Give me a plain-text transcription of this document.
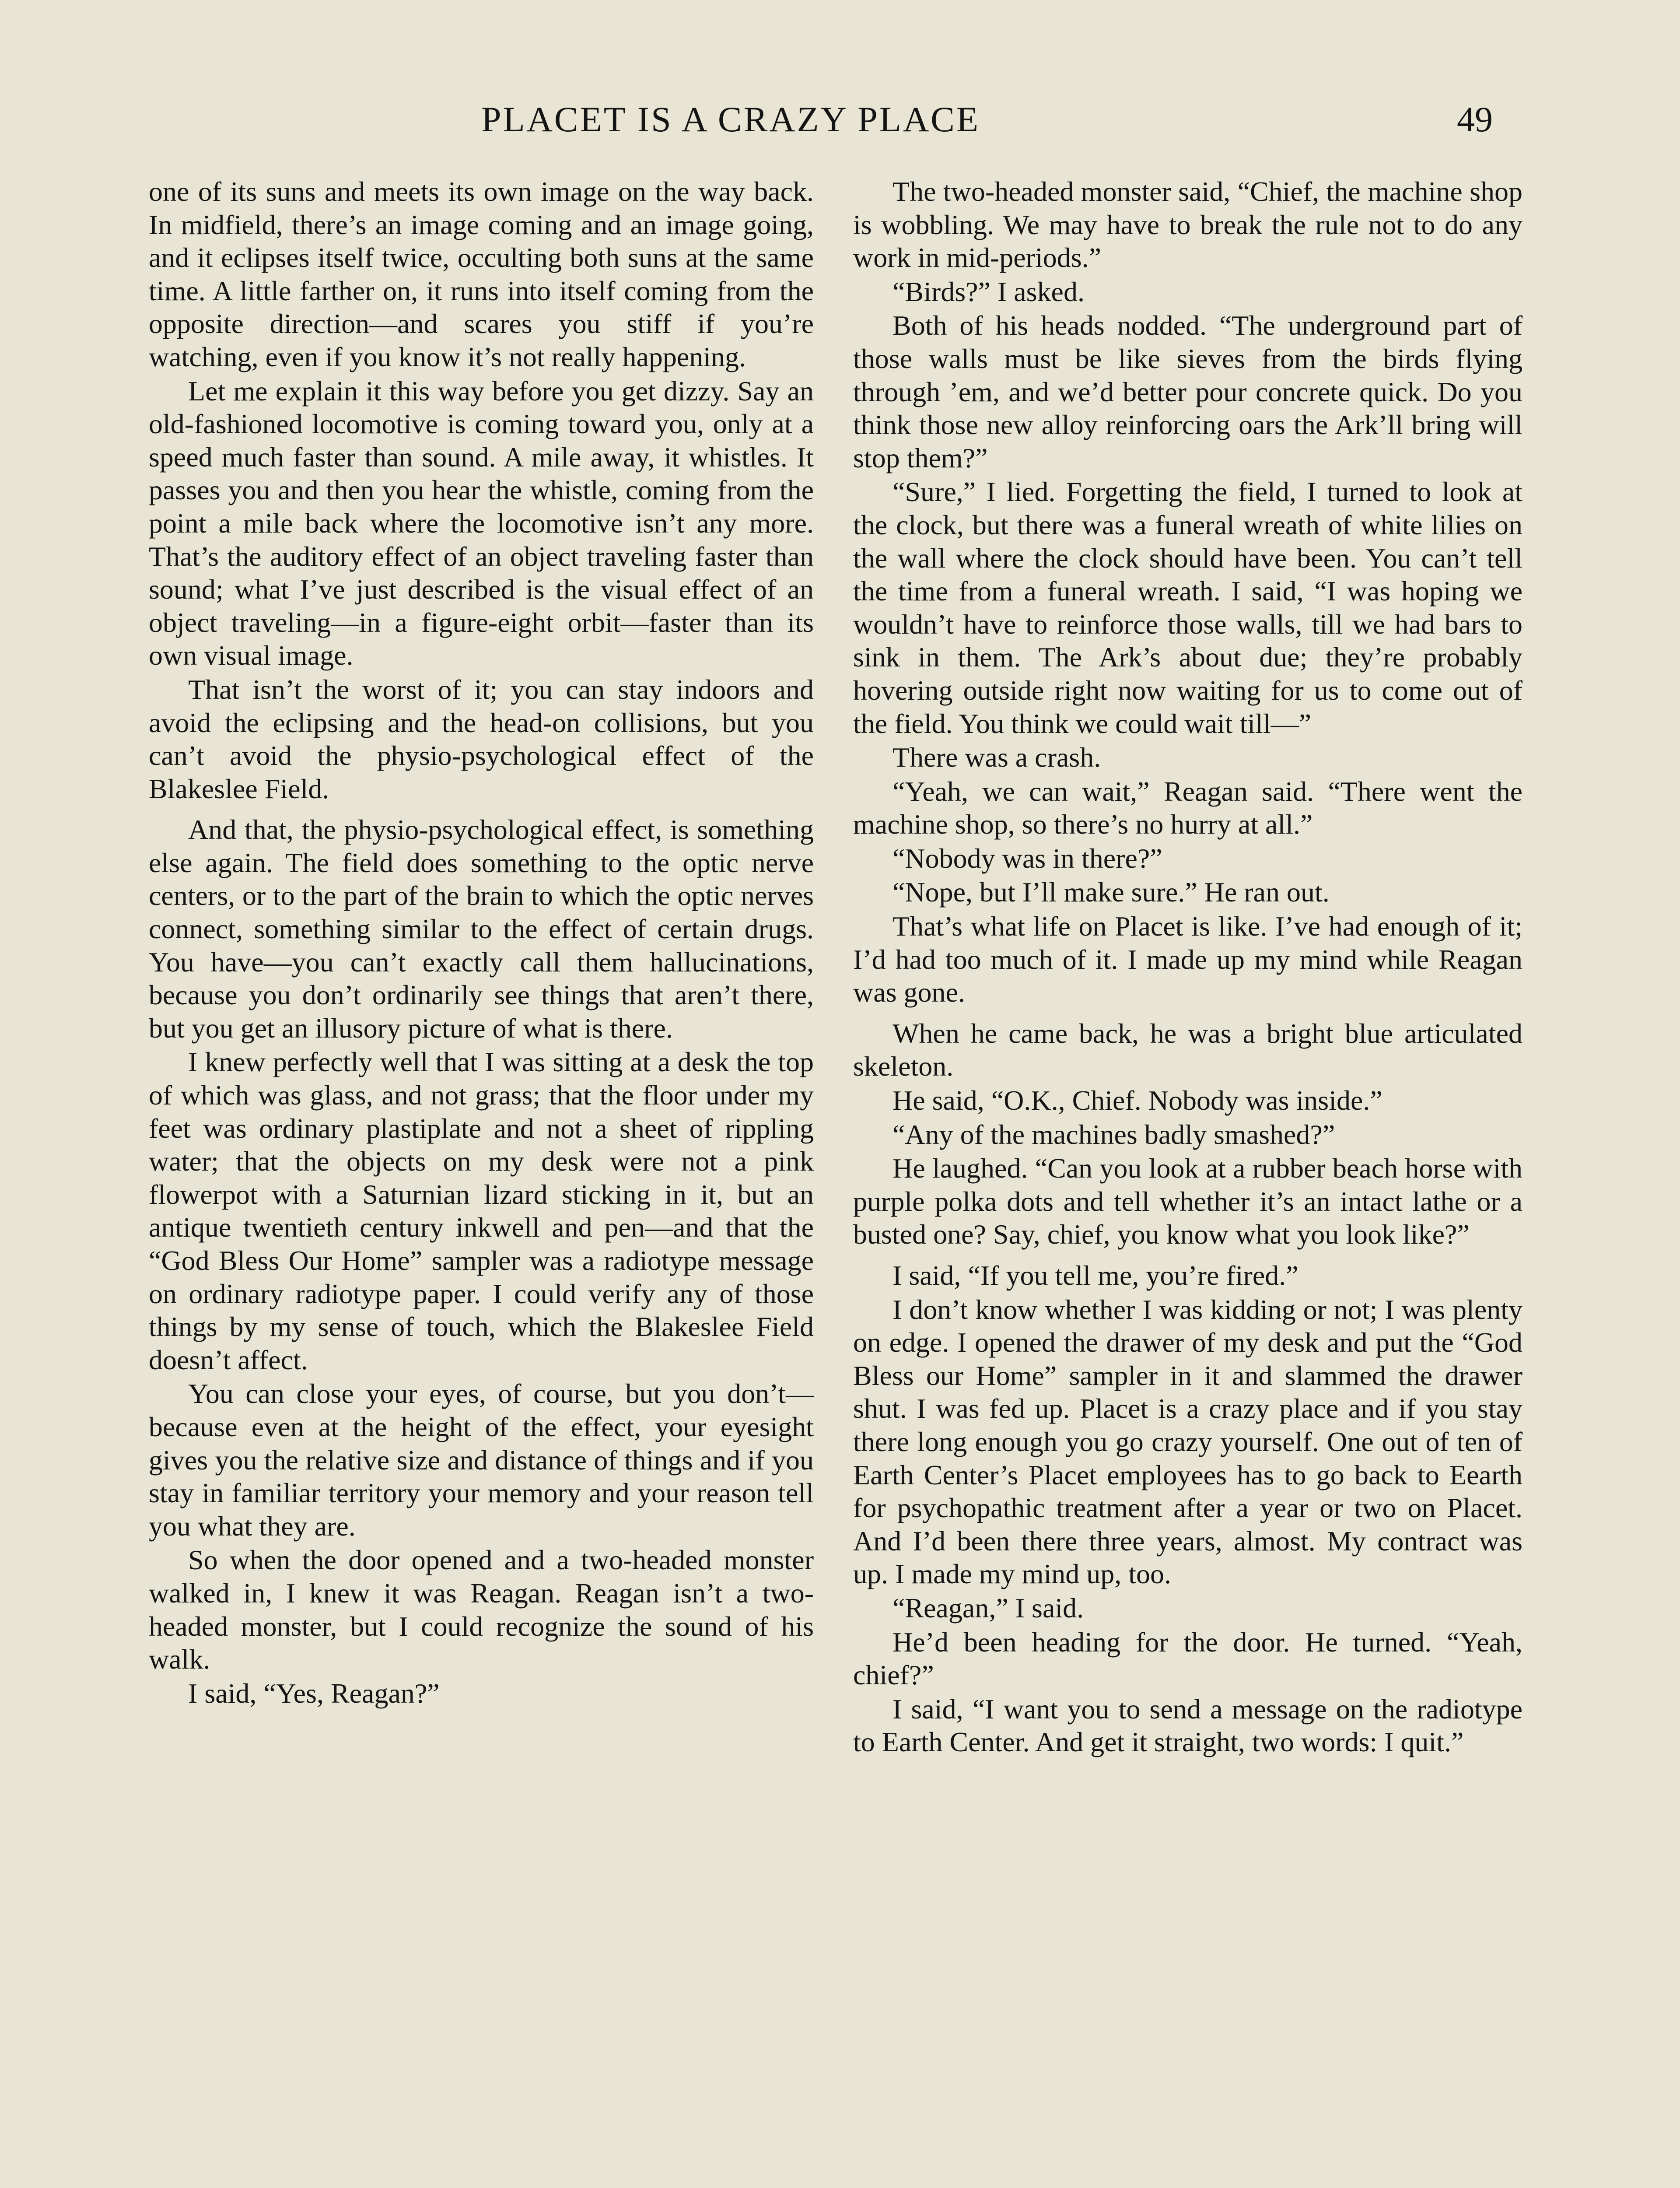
PLACET IS A CRAZY PLACE	49

one of its suns and meets its own image on the way back. In midfield, there’s an image coming and an image going, and it eclipses itself twice, occulting both suns at the same time. A little farther on, it runs into itself coming from the opposite direction—and scares you stiff if you’re watching, even if you know it’s not really happening.

Let me explain it this way before you get dizzy. Say an old-fashioned locomotive is coming toward you, only at a speed much faster than sound. A mile away, it whistles. It passes you and then you hear the whistle, coming from the point a mile back where the locomotive isn’t any more. That’s the auditory effect of an object traveling faster than sound; what I’ve just described is the visual effect of an object traveling—in a figure-eight orbit—faster than its own visual image.

That isn’t the worst of it; you can stay indoors and avoid the eclipsing and the head-on collisions, but you can’t avoid the physio-psychological effect of the Blakeslee Field.

And that, the physio-psychological effect, is something else again. The field does something to the optic nerve centers, or to the part of the brain to which the optic nerves connect, something similar to the effect of certain drugs. You have—you can’t exactly call them hallucinations, because you don’t ordinarily see things that aren’t there, but you get an illusory picture of what is there.

I knew perfectly well that I was sitting at a desk the top of which was glass, and not grass; that the floor under my feet was ordinary plastiplate and not a sheet of rippling water; that the objects on my desk were not a pink flowerpot with a Saturnian lizard sticking in it, but an antique twentieth century inkwell and pen—and that the “God Bless Our Home” sampler was a radiotype message on ordinary radiotype paper. I could verify any of those things by my sense of touch, which the Blakeslee Field doesn’t affect.

You can close your eyes, of course, but you don’t—because even at the height of the effect, your eyesight gives you the relative size and distance of things and if you stay in familiar territory your memory and your reason tell you what they are.

So when the door opened and a two-headed monster walked in, I knew it was Reagan. Reagan isn’t a two-headed monster, but I could recognize the sound of his walk.

I said, “Yes, Reagan?”

The two-headed monster said, “Chief, the machine shop is wobbling. We may have to break the rule not to do any work in mid-periods.”

“Birds?” I asked.

Both of his heads nodded. “The underground part of those walls must be like sieves from the birds flying through ’em, and we’d better pour concrete quick. Do you think those new alloy reinforcing oars the Ark’ll bring will stop them?”

“Sure,” I lied. Forgetting the field, I turned to look at the clock, but there was a funeral wreath of white lilies on the wall where the clock should have been. You can’t tell the time from a funeral wreath. I said, “I was hoping we wouldn’t have to reinforce those walls, till we had bars to sink in them. The Ark’s about due; they’re probably hovering outside right now waiting for us to come out of the field. You think we could wait till—”

There was a crash.

“Yeah, we can wait,” Reagan said. “There went the machine shop, so there’s no hurry at all.”

“Nobody was in there?”

“Nope, but I’ll make sure.” He ran out.

That’s what life on Placet is like. I’ve had enough of it; I’d had too much of it. I made up my mind while Reagan was gone.

When he came back, he was a bright blue articulated skeleton.

He said, “O.K., Chief. Nobody was inside.”

“Any of the machines badly smashed?”

He laughed. “Can you look at a rubber beach horse with purple polka dots and tell whether it’s an intact lathe or a busted one? Say, chief, you know what you look like?”

I said, “If you tell me, you’re fired.”

I don’t know whether I was kidding or not; I was plenty on edge. I opened the drawer of my desk and put the “God Bless our Home” sampler in it and slammed the drawer shut. I was fed up. Placet is a crazy place and if you stay there long enough you go crazy yourself. One out of ten of Earth Center’s Placet employees has to go back to Eearth for psychopathic treatment after a year or two on Placet. And I’d been there three years, almost. My contract was up. I made my mind up, too.

“Reagan,” I said.

He’d been heading for the door. He turned. “Yeah, chief?”

I said, “I want you to send a message on the radiotype to Earth Center. And get it straight, two words: I quit.”
